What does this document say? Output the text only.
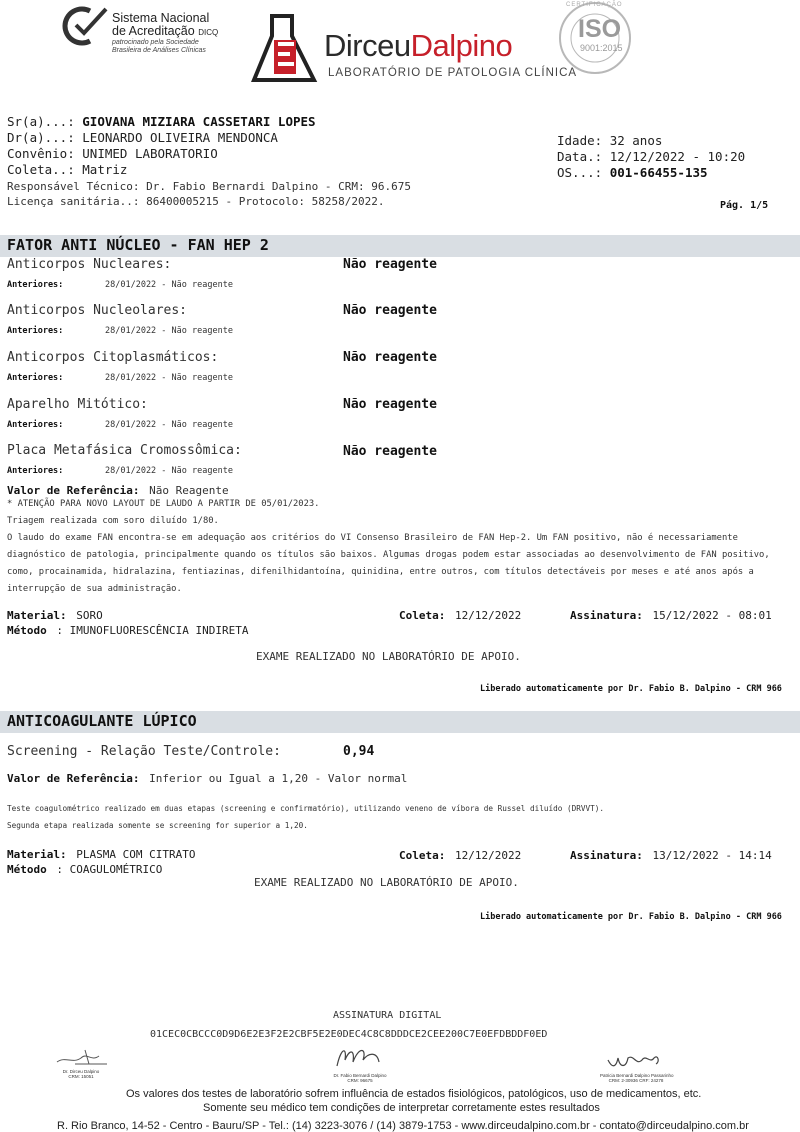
Sistema Nacional
de Acreditação DICQ
patrocinado pela Sociedade
Brasileira de Análises Clínicas	DirceuDalpino
LABORATÓRIO DE PATOLOGIA CLÍNICA
CERTIFICAÇÃO
ISO
9001:2015
Sr(a)...: GIOVANA MIZIARA CASSETARI LOPES
Dr(a)...: LEONARDO OLIVEIRA MENDONCA
Convênio: UNIMED LABORATORIO
Coleta..: Matriz
Responsável Técnico: Dr. Fabio Bernardi Dalpino - CRM: 96.675
Licença sanitária..: 86400005215 - Protocolo: 58258/2022.
Idade: 32 anos
Data.: 12/12/2022 - 10:20
OS...: 001-66455-135
Pág. 1/5
FATOR ANTI NÚCLEO - FAN HEP 2
Anticorpos Nucleares:	Não reagente
Anteriores:	28/01/2022 - Não reagente
Anticorpos Nucleolares:	Não reagente
Anteriores:	28/01/2022 - Não reagente
Anticorpos Citoplasmáticos:	Não reagente
Anteriores:	28/01/2022 - Não reagente
Aparelho Mitótico:	Não reagente
Anteriores:	28/01/2022 - Não reagente
Placa Metafásica Cromossômica:	Não reagente
Anteriores:	28/01/2022 - Não reagente
Valor de Referência: Não Reagente
* ATENÇÃO PARA NOVO LAYOUT DE LAUDO A PARTIR DE 05/01/2023.
Triagem realizada com soro diluído 1/80.
O laudo do exame FAN encontra-se em adequação aos critérios do VI Consenso Brasileiro de FAN Hep-2. Um FAN positivo, não é necessariamente diagnóstico de patologia, principalmente quando os títulos são baixos. Algumas drogas podem estar associadas ao desenvolvimento de FAN positivo, como, procainamida, hidralazina, fentiazinas, difenilhidantoína, quinidina, entre outros, com títulos detectáveis por meses e até anos após a interrupção de sua administração.
Material: SORO
Método : IMUNOFLUORESCÊNCIA INDIRETA
Coleta: 12/12/2022	Assinatura: 15/12/2022 - 08:01
EXAME REALIZADO NO LABORATÓRIO DE APOIO.
Liberado automaticamente por Dr. Fabio B. Dalpino - CRM 966
ANTICOAGULANTE LÚPICO
Screening - Relação Teste/Controle:	0,94
Valor de Referência: Inferior ou Igual a 1,20 - Valor normal
Teste coagulométrico realizado em duas etapas (screening e confirmatório), utilizando veneno de víbora de Russel diluído (DRVVT).
Segunda etapa realizada somente se screening for superior a 1,20.
Material: PLASMA COM CITRATO
Método : COAGULOMÉTRICO
Coleta: 12/12/2022	Assinatura: 13/12/2022 - 14:14
EXAME REALIZADO NO LABORATÓRIO DE APOIO.
Liberado automaticamente por Dr. Fabio B. Dalpino - CRM 966
ASSINATURA DIGITAL
01CEC0CBCCC0D9D6E2E3F2E2CBF5E2E0DEC4C8C8DDDCE2CEE200C7E0EFDBDDF0ED
Dr. Dirceu Dalpino
CRM: 15051	Dr. Fabio Bernardi Dalpino
CRM: 96675
Patricia Bernardi Dalpino Passarinho
CRM: 2-30936 CRF: 24278
Os valores dos testes de laboratório sofrem influência de estados fisiológicos, patológicos, uso de medicamentos, etc.
Somente seu médico tem condições de interpretar corretamente estes resultados
R. Rio Branco, 14-52 - Centro - Bauru/SP - Tel.: (14) 3223-3076 / (14) 3879-1753 - www.dirceudalpino.com.br - contato@dirceudalpino.com.br
